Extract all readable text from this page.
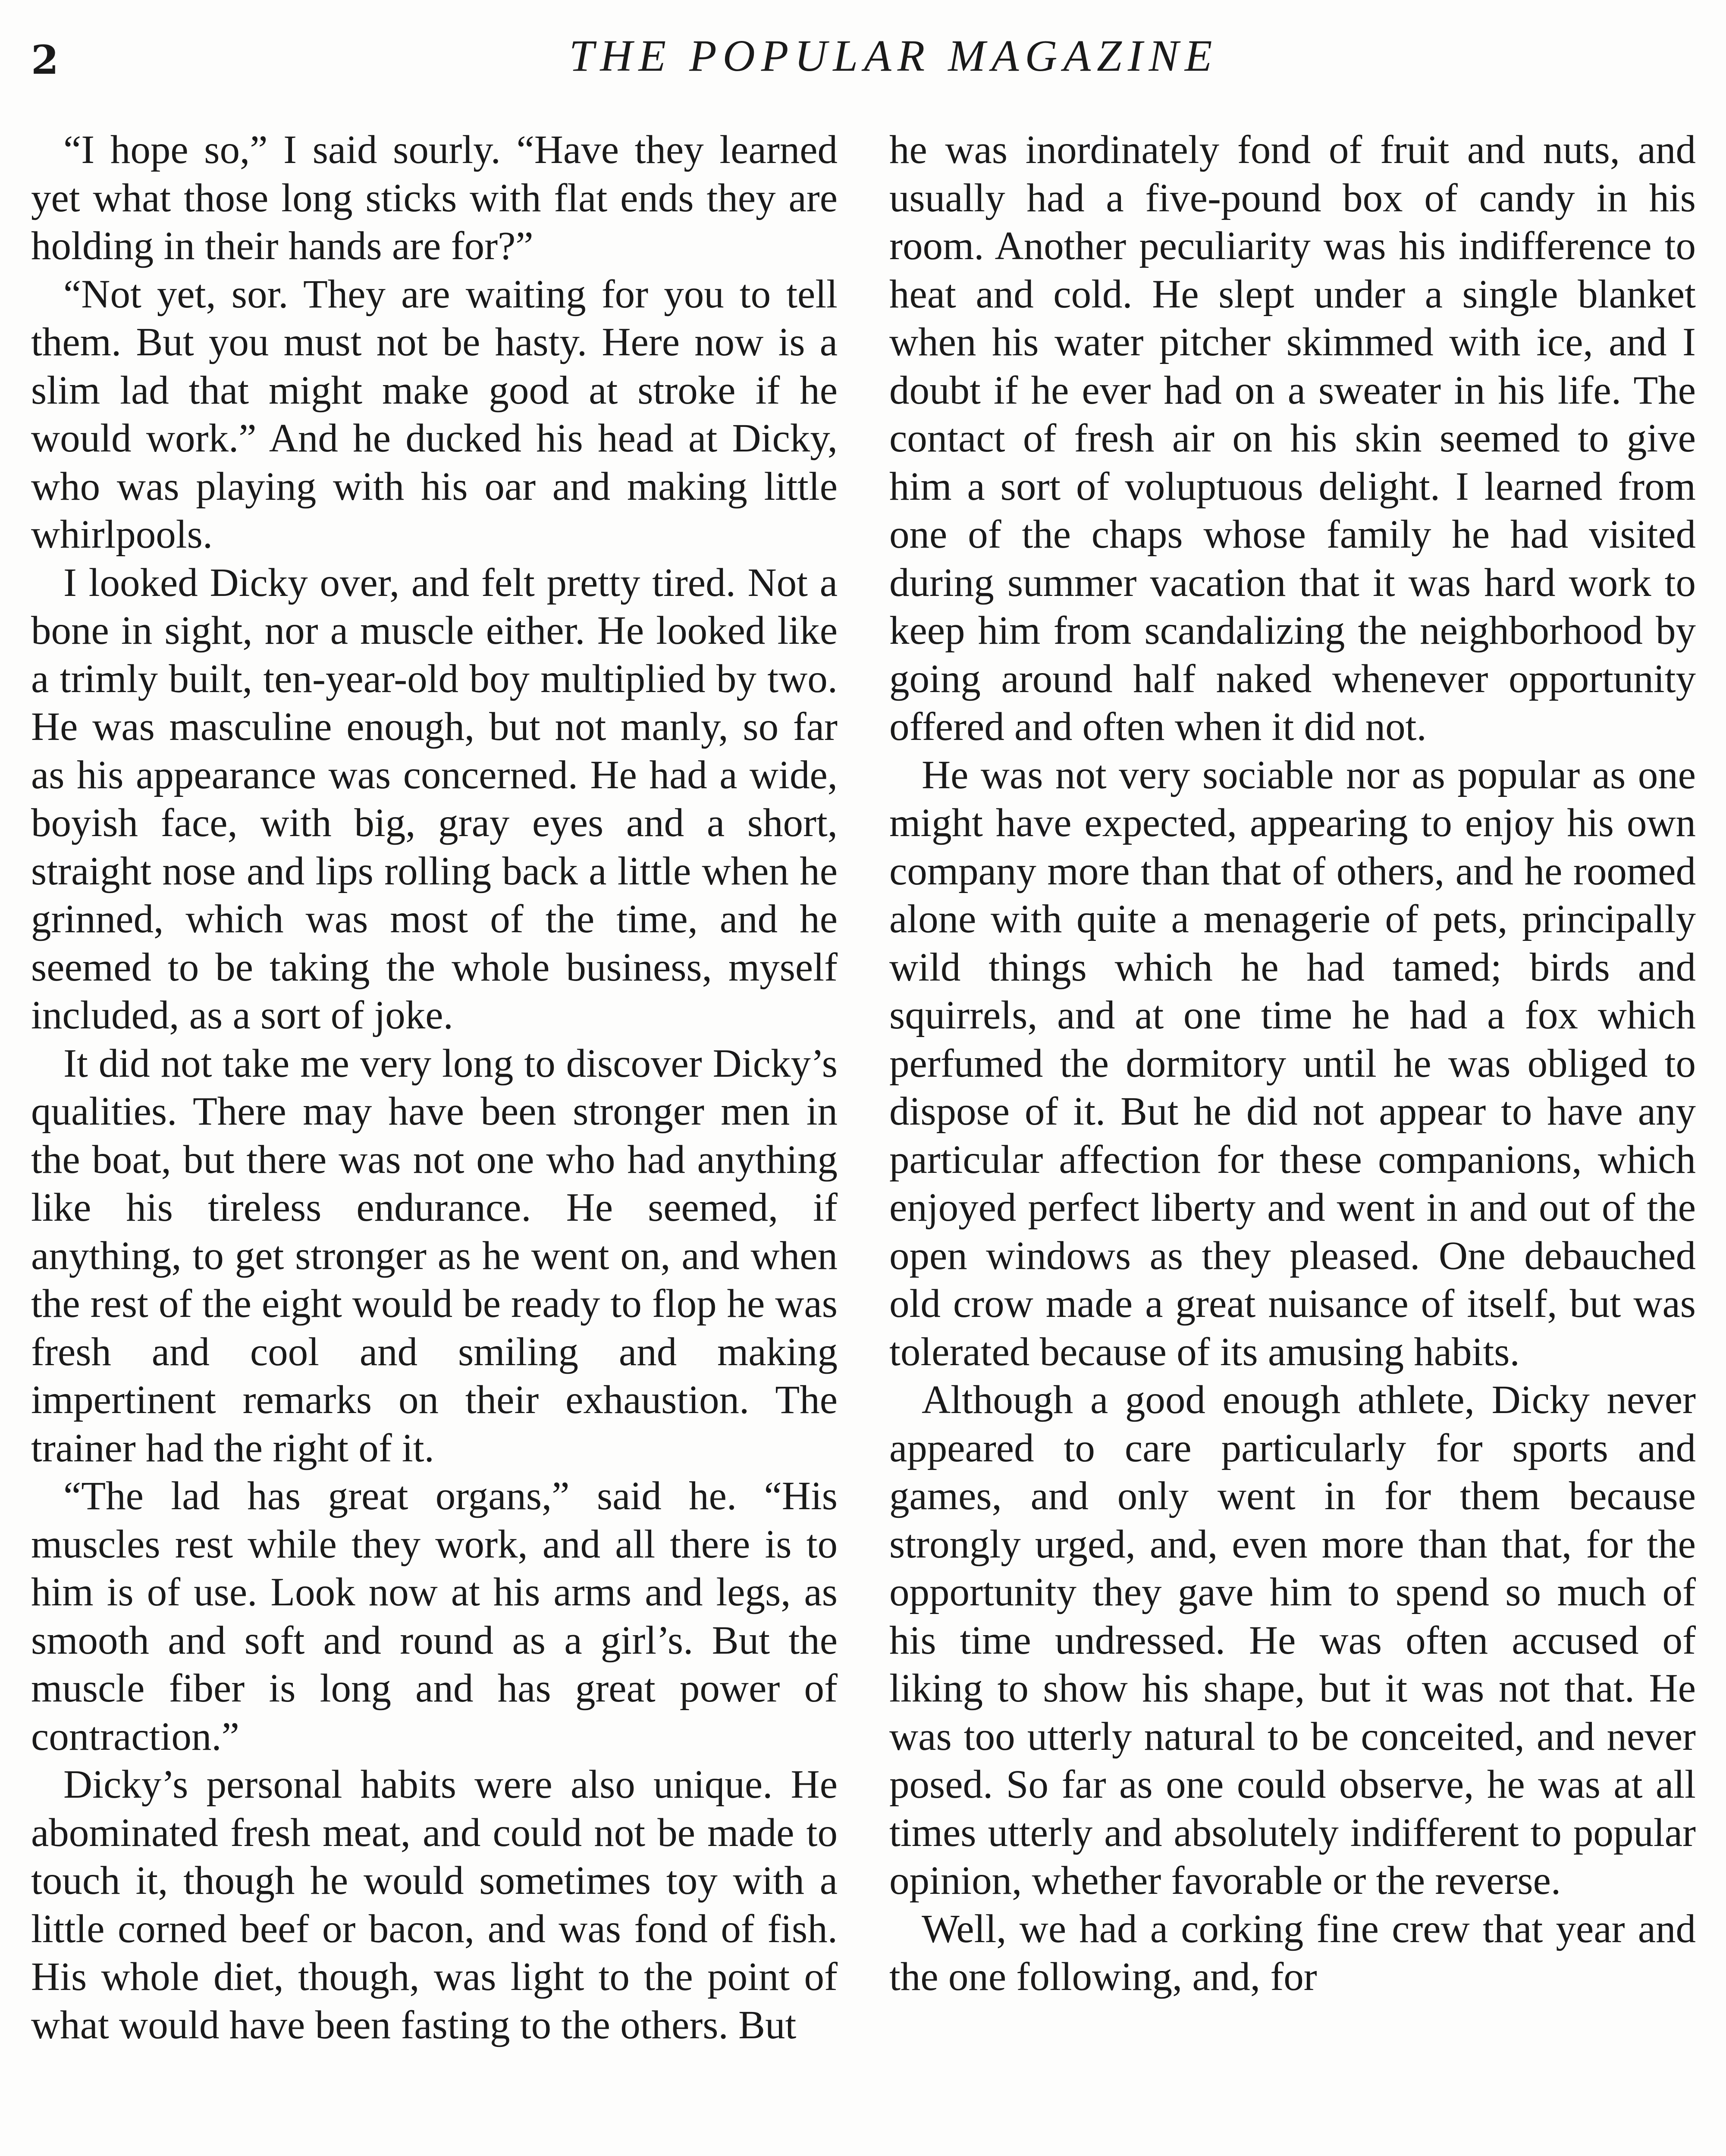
2	THE POPULAR MAGAZINE

“I hope so,” I said sourly. “Have they learned yet what those long sticks with flat ends they are holding in their hands are for?”

“Not yet, sor. They are waiting for you to tell them. But you must not be hasty. Here now is a slim lad that might make good at stroke if he would work.” And he ducked his head at Dicky, who was playing with his oar and making little whirlpools.

I looked Dicky over, and felt pretty tired. Not a bone in sight, nor a muscle either. He looked like a trimly built, ten-year-old boy multiplied by two. He was masculine enough, but not manly, so far as his appearance was concerned. He had a wide, boyish face, with big, gray eyes and a short, straight nose and lips rolling back a little when he grinned, which was most of the time, and he seemed to be taking the whole business, myself included, as a sort of joke.

It did not take me very long to discover Dicky’s qualities. There may have been stronger men in the boat, but there was not one who had anything like his tireless endurance. He seemed, if anything, to get stronger as he went on, and when the rest of the eight would be ready to flop he was fresh and cool and smiling and making impertinent remarks on their exhaustion. The trainer had the right of it.

“The lad has great organs,” said he. “His muscles rest while they work, and all there is to him is of use. Look now at his arms and legs, as smooth and soft and round as a girl’s. But the muscle fiber is long and has great power of contraction.”

Dicky’s personal habits were also unique. He abominated fresh meat, and could not be made to touch it, though he would sometimes toy with a little corned beef or bacon, and was fond of fish. His whole diet, though, was light to the point of what would have been fasting to the others. But

he was inordinately fond of fruit and nuts, and usually had a five-pound box of candy in his room. Another peculiarity was his indifference to heat and cold. He slept under a single blanket when his water pitcher skimmed with ice, and I doubt if he ever had on a sweater in his life. The contact of fresh air on his skin seemed to give him a sort of voluptuous delight. I learned from one of the chaps whose family he had visited during summer vacation that it was hard work to keep him from scandalizing the neighborhood by going around half naked whenever opportunity offered and often when it did not.

He was not very sociable nor as popular as one might have expected, appearing to enjoy his own company more than that of others, and he roomed alone with quite a menagerie of pets, principally wild things which he had tamed; birds and squirrels, and at one time he had a fox which perfumed the dormitory until he was obliged to dispose of it. But he did not appear to have any particular affection for these companions, which enjoyed perfect liberty and went in and out of the open windows as they pleased. One debauched old crow made a great nuisance of itself, but was tolerated because of its amusing habits.

Although a good enough athlete, Dicky never appeared to care particularly for sports and games, and only went in for them because strongly urged, and, even more than that, for the opportunity they gave him to spend so much of his time undressed. He was often accused of liking to show his shape, but it was not that. He was too utterly natural to be conceited, and never posed. So far as one could observe, he was at all times utterly and absolutely indifferent to popular opinion, whether favorable or the reverse.

Well, we had a corking fine crew that year and the one following, and, for
